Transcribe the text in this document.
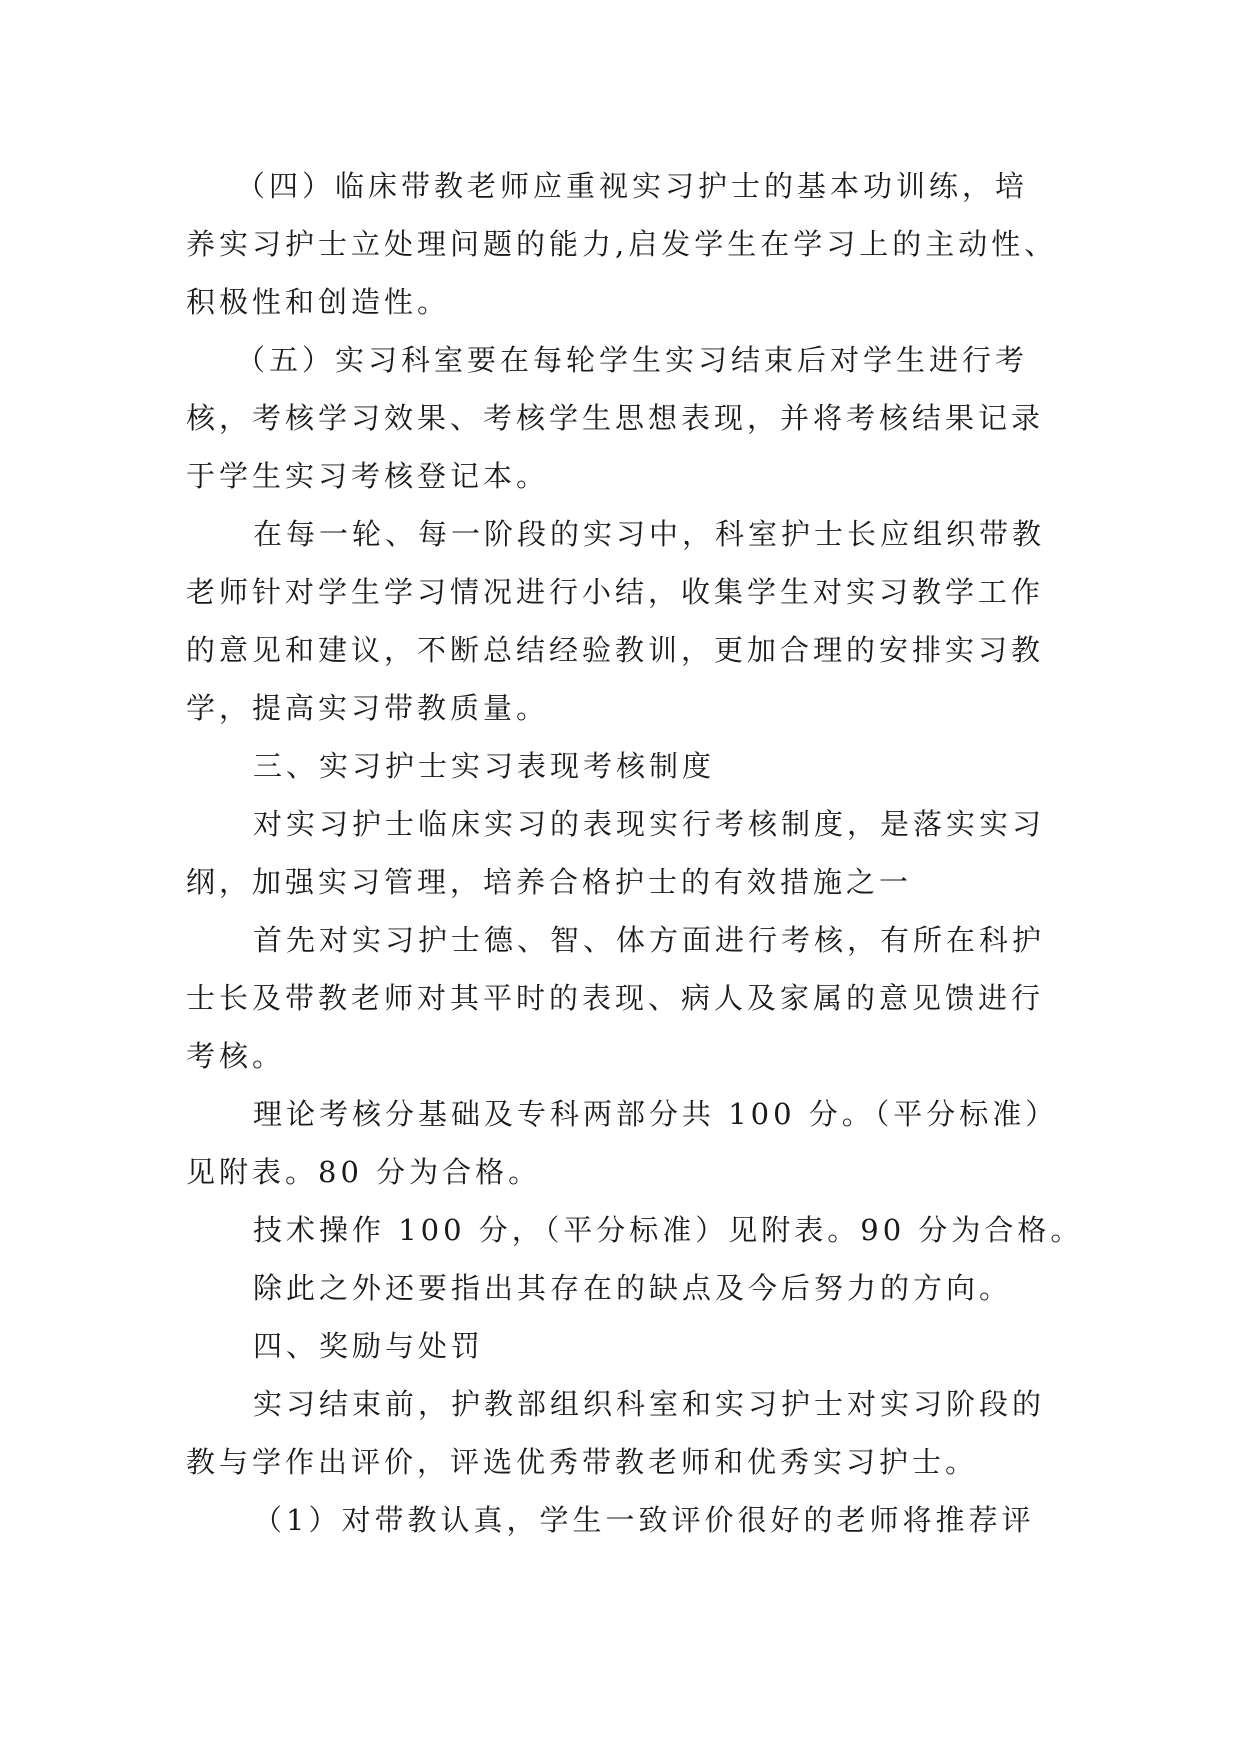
（四）临床带教老师应重视实习护士的基本功训练，培
养实习护士立处理问题的能力,启发学生在学习上的主动性、
积极性和创造性。
（五）实习科室要在每轮学生实习结束后对学生进行考
核，考核学习效果、考核学生思想表现，并将考核结果记录
于学生实习考核登记本。
在每一轮、每一阶段的实习中，科室护士长应组织带教
老师针对学生学习情况进行小结，收集学生对实习教学工作
的意见和建议，不断总结经验教训，更加合理的安排实习教
学，提高实习带教质量。
三、实习护士实习表现考核制度
对实习护士临床实习的表现实行考核制度，是落实实习
纲，加强实习管理，培养合格护士的有效措施之一
首先对实习护士德、智、体方面进行考核，有所在科护
士长及带教老师对其平时的表现、病人及家属的意见馈进行
考核。
理论考核分基础及专科两部分共 100 分。（平分标准）
见附表。80 分为合格。
技术操作 100 分，（平分标准）见附表。90 分为合格。
除此之外还要指出其存在的缺点及今后努力的方向。
四、奖励与处罚
实习结束前，护教部组织科室和实习护士对实习阶段的
教与学作出评价，评选优秀带教老师和优秀实习护士。
（1）对带教认真，学生一致评价很好的老师将推荐评
